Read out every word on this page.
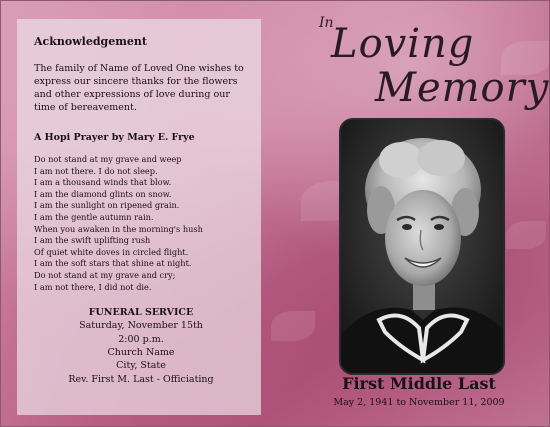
Acknowledgement
The family of Name of Loved One wishes to express our sincere thanks for the flowers and other expressions of love during our time of bereavement.
A Hopi Prayer by Mary E. Frye
Do not stand at my grave and weep
I am not there. I do not sleep.
I am a thousand winds that blow.
I am the diamond glints on snow.
I am the sunlight on ripened grain.
I am the gentle autumn rain.
When you awaken in the morning's hush
I am the swift uplifting rush
Of quiet white doves in circled flight.
I am the soft stars that shine at night.
Do not stand at my grave and cry;
I am not there, I did not die.
FUNERAL SERVICE
Saturday, November 15th
2:00 p.m.
Church Name
City, State
Rev. First M. Last - Officiating
In
Loving
Memory
First Middle Last
May 2, 1941 to November 11, 2009
